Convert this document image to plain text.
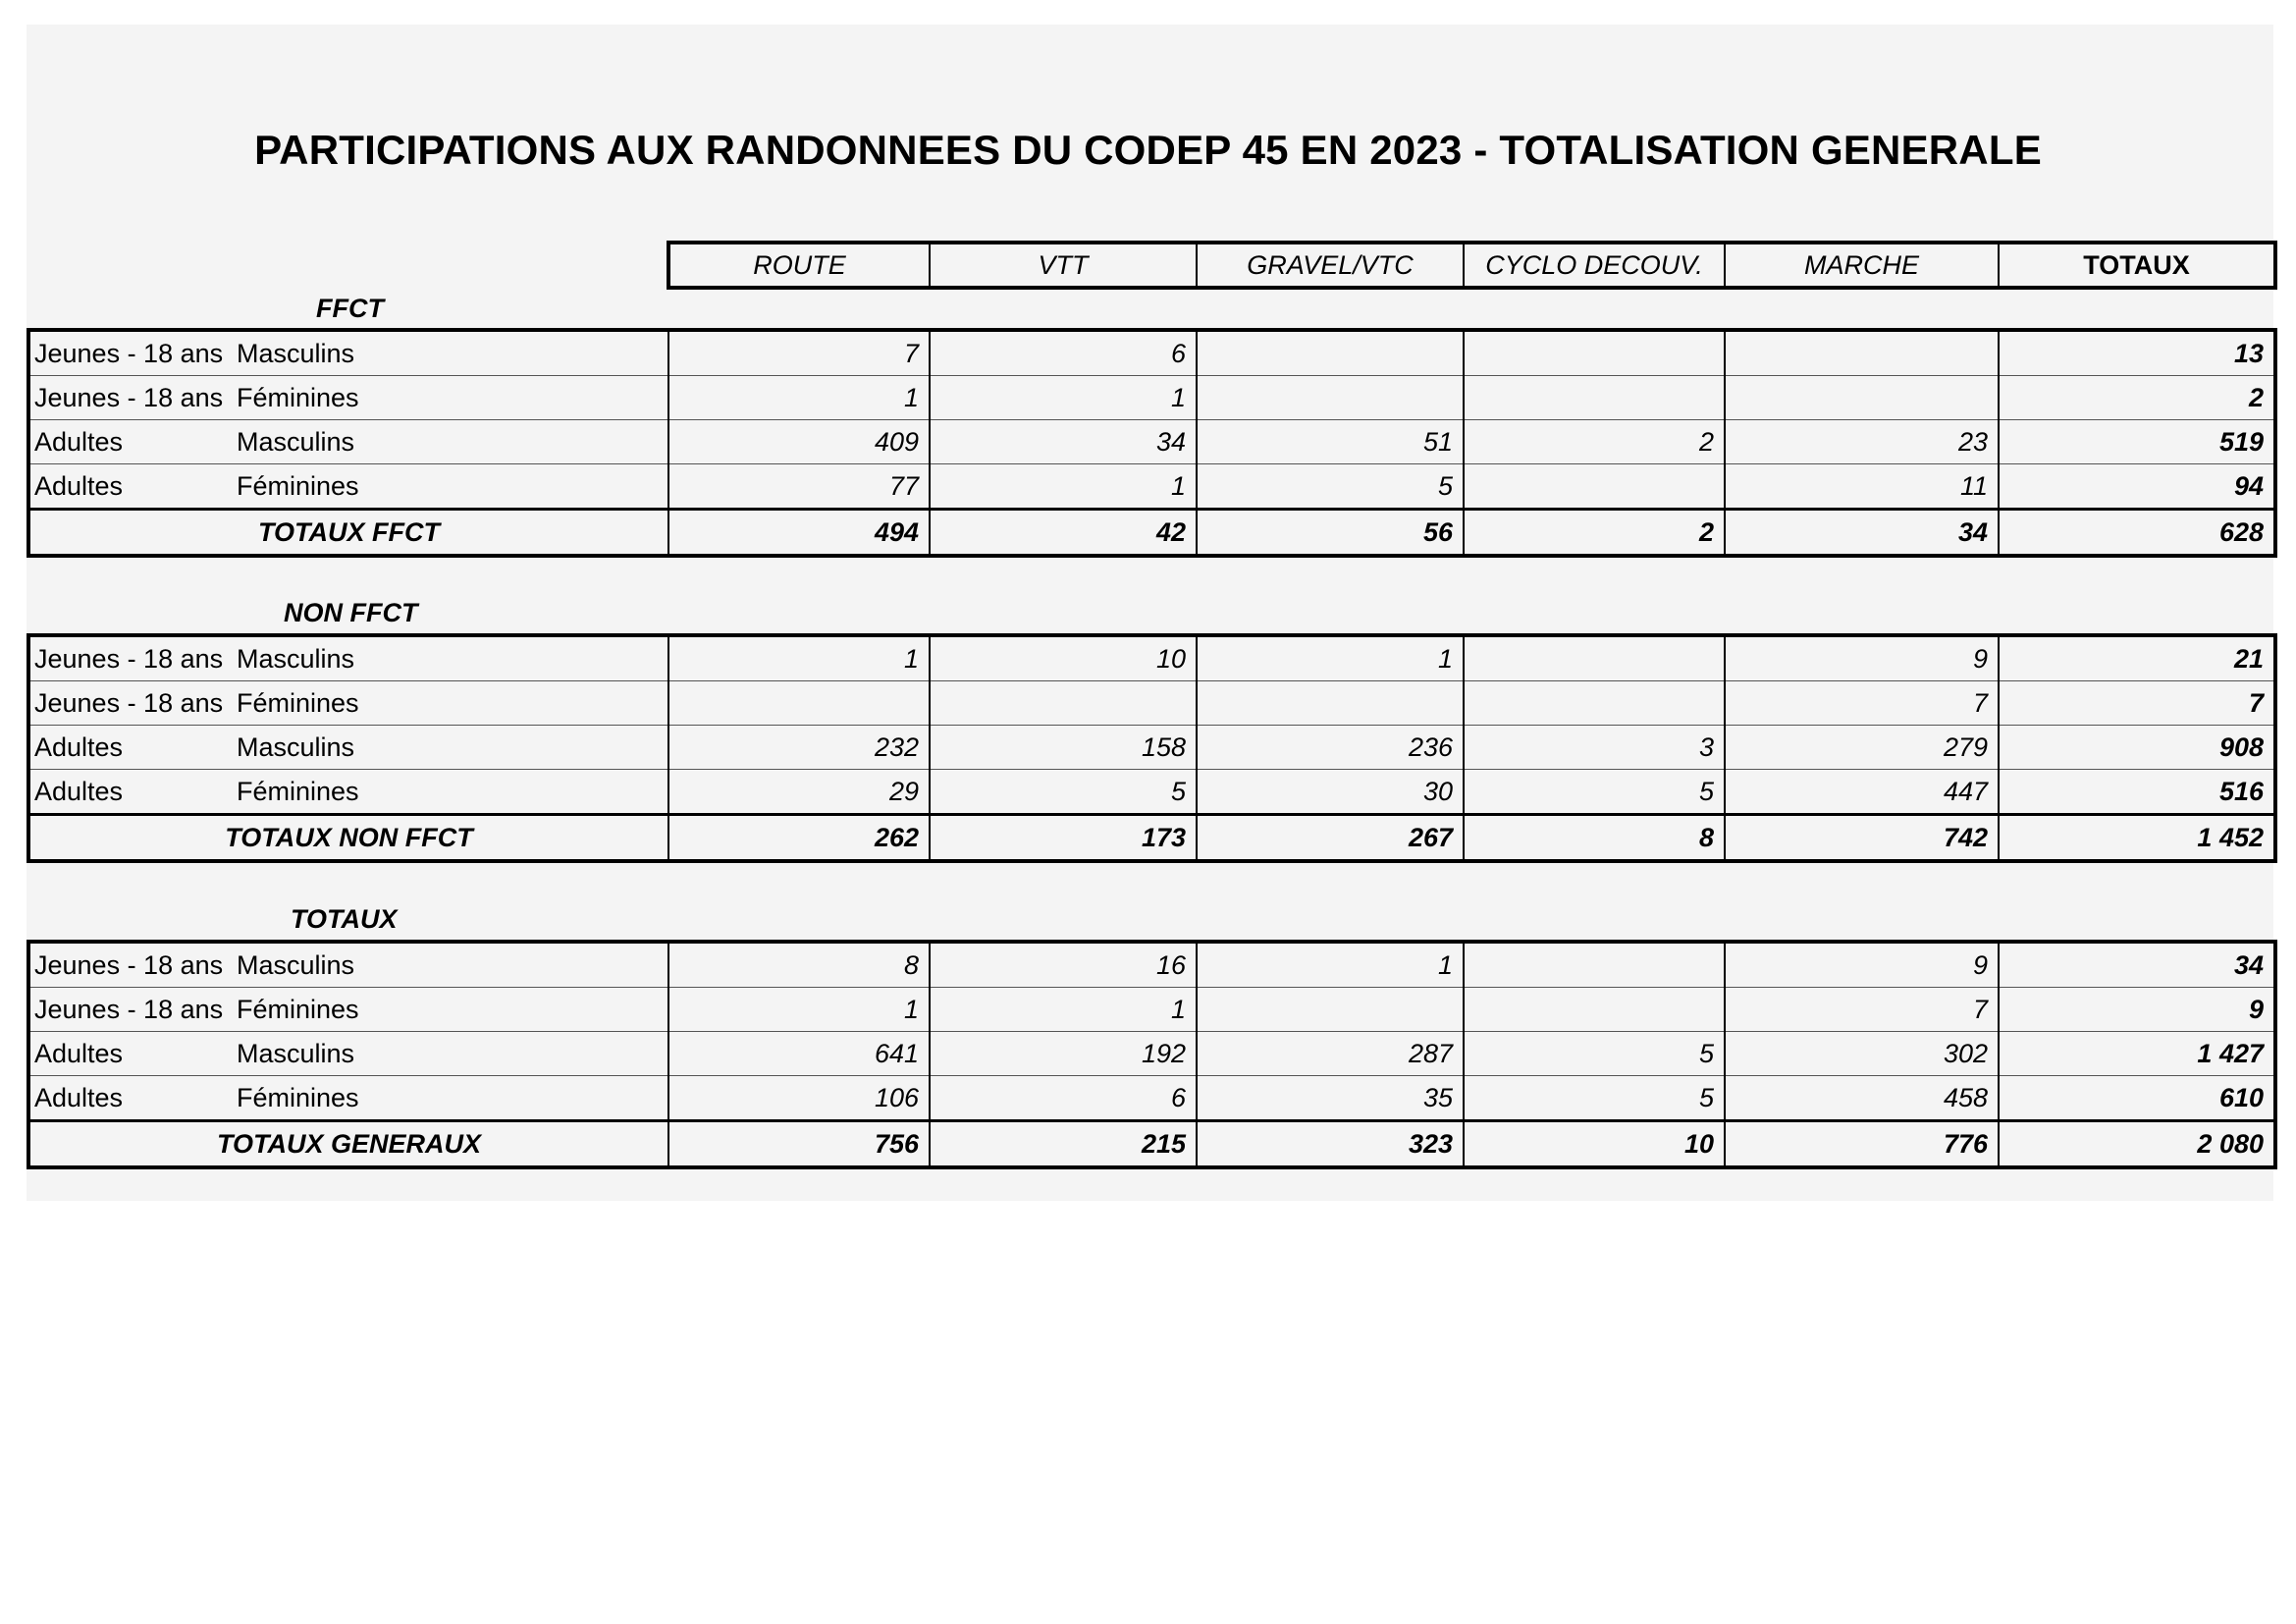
PARTICIPATIONS AUX RANDONNEES DU CODEP 45 EN 2023 - TOTALISATION GENERALE
ROUTE	VTT	GRAVEL/VTC	CYCLO DECOUV.	MARCHE	TOTAUX
FFCT
Jeunes - 18 ans Masculins	7	6				13
Jeunes - 18 ans Féminines	1	1				2
Adultes Masculins	409	34	51	2	23	519
Adultes Féminines	77	1	5		11	94
TOTAUX FFCT	494	42	56	2	34	628
NON FFCT
Jeunes - 18 ans Masculins	1	10	1		9	21
Jeunes - 18 ans Féminines					7	7
Adultes Masculins	232	158	236	3	279	908
Adultes Féminines	29	5	30	5	447	516
TOTAUX NON FFCT	262	173	267	8	742	1 452
TOTAUX
Jeunes - 18 ans Masculins	8	16	1		9	34
Jeunes - 18 ans Féminines	1	1			7	9
Adultes Masculins	641	192	287	5	302	1 427
Adultes Féminines	106	6	35	5	458	610
TOTAUX GENERAUX	756	215	323	10	776	2 080
